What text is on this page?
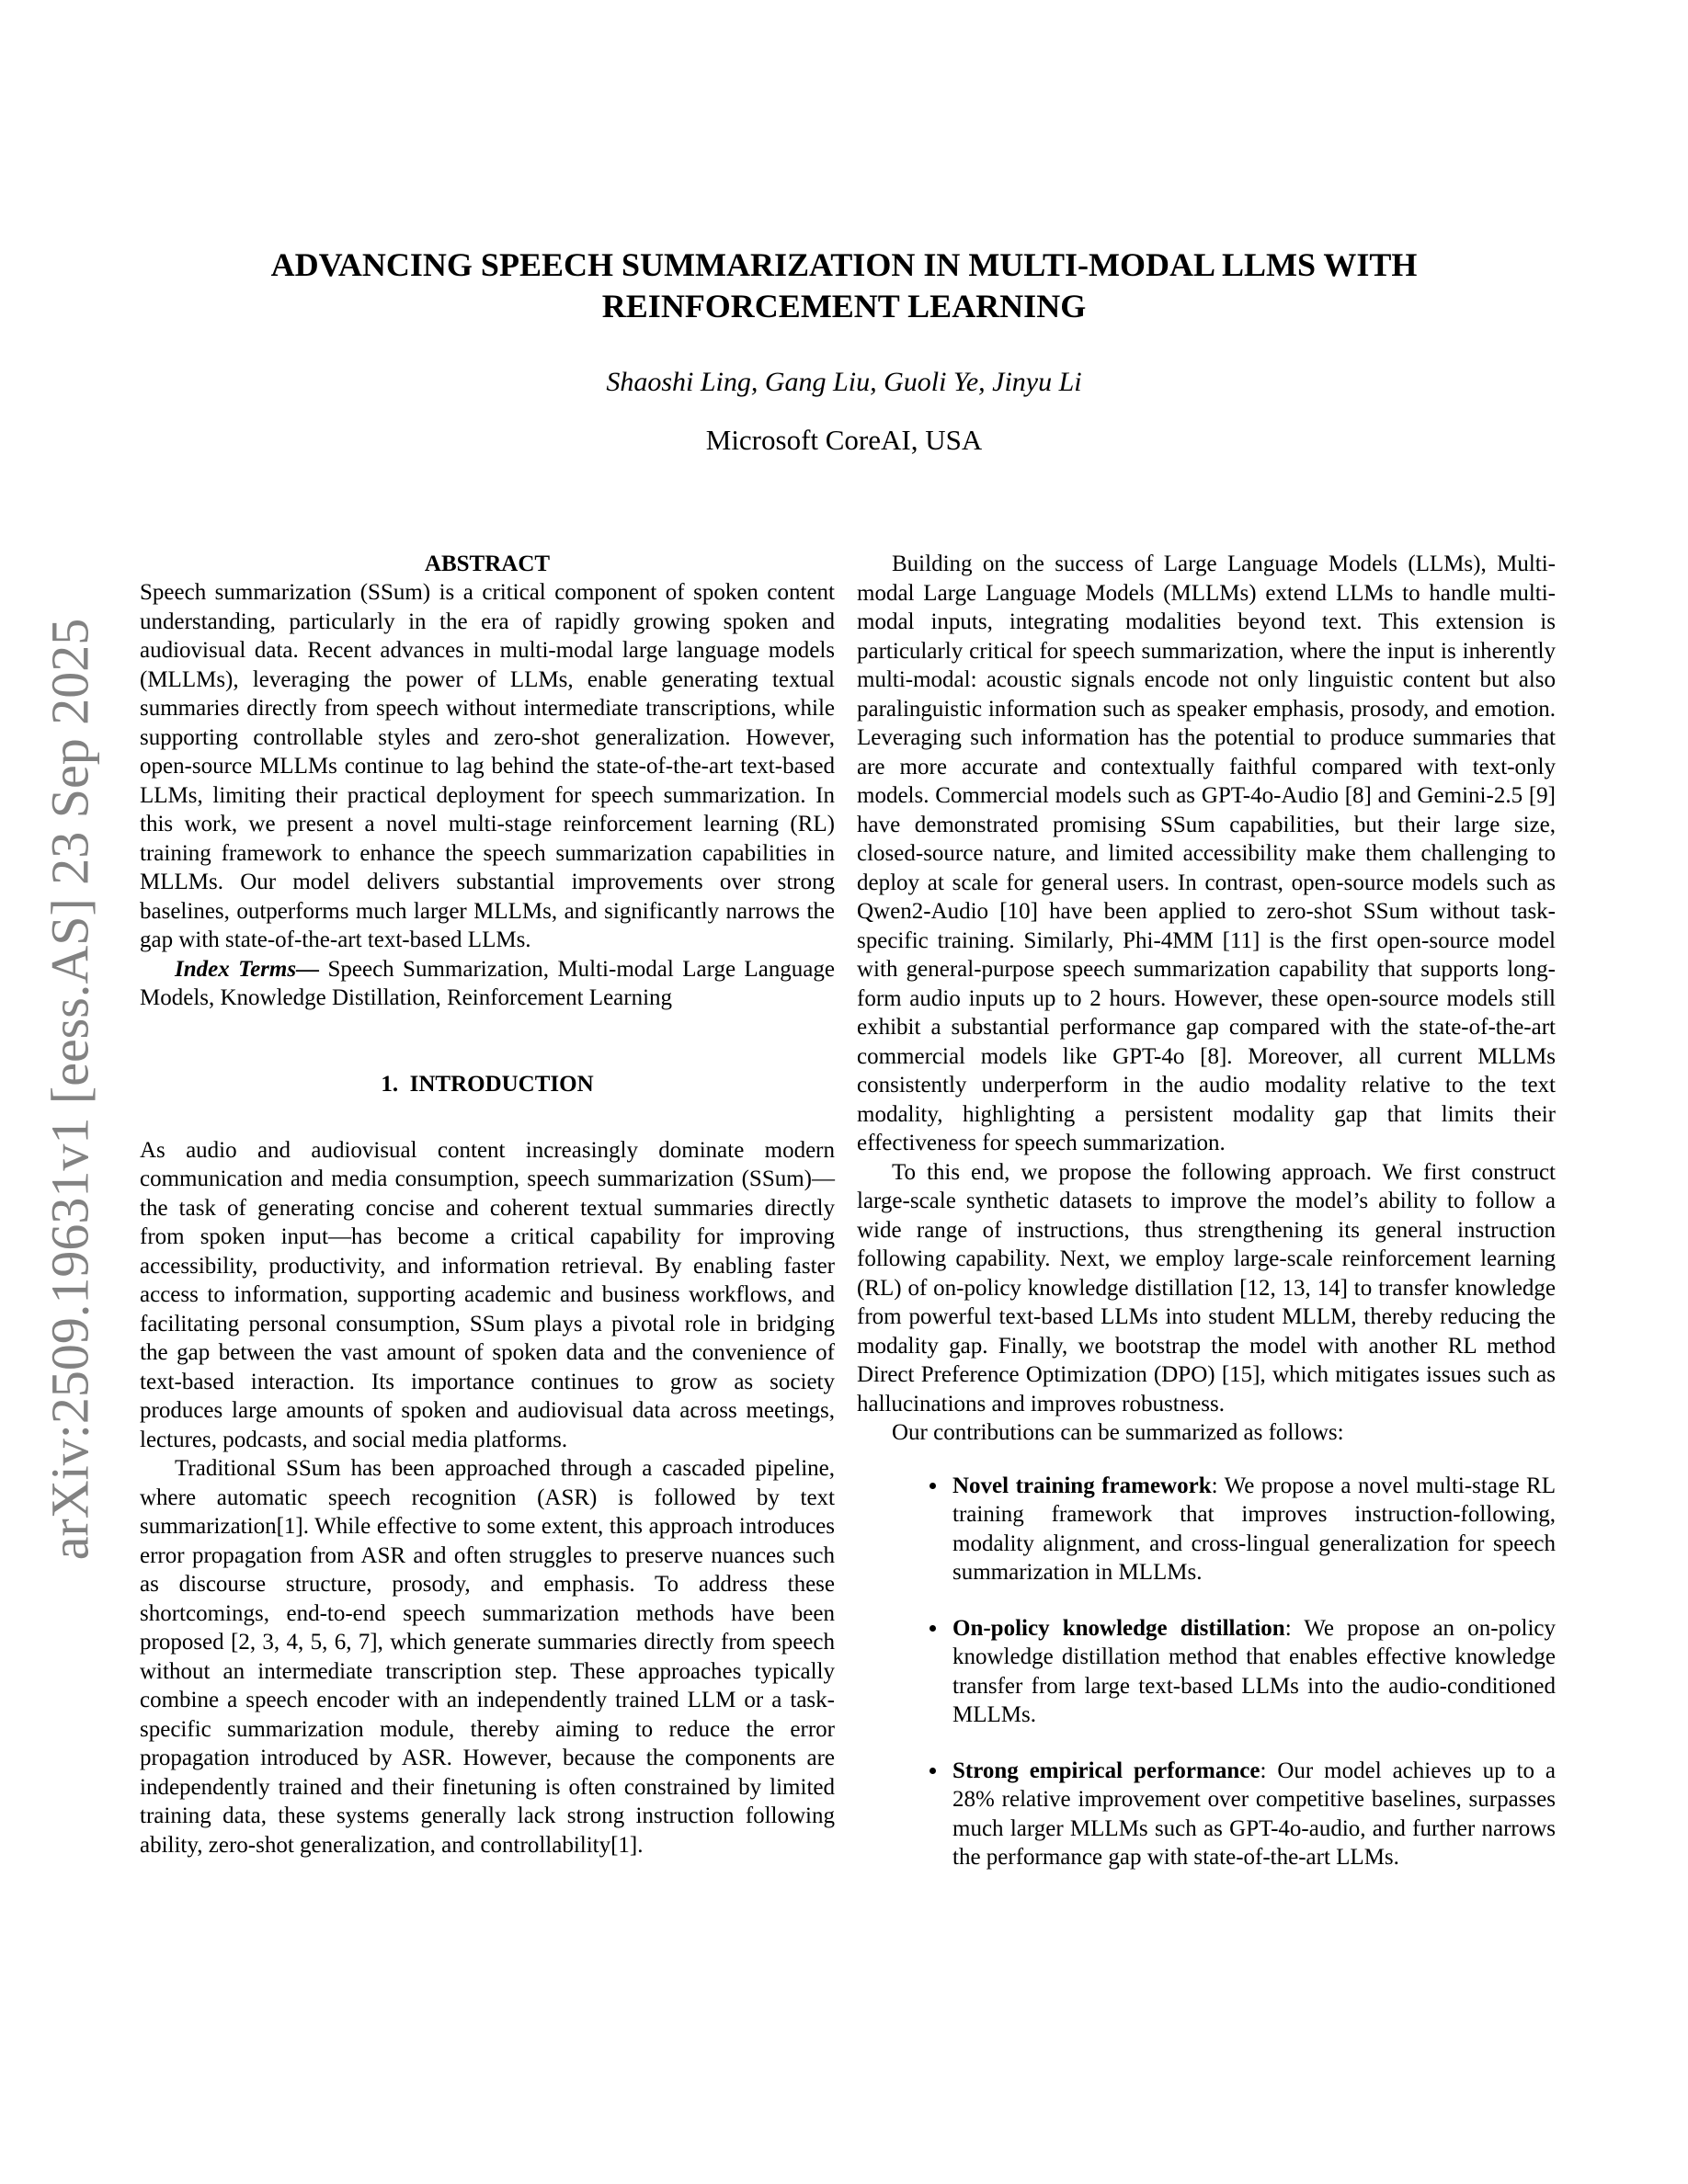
arXiv:2509.19631v1 [eess.AS] 23 Sep 2025
ADVANCING SPEECH SUMMARIZATION IN MULTI-MODAL LLMS WITH
REINFORCEMENT LEARNING
Shaoshi Ling, Gang Liu, Guoli Ye, Jinyu Li
Microsoft CoreAI, USA
ABSTRACT

Speech summarization (SSum) is a critical component of spoken content understanding, particularly in the era of rapidly growing spoken and audiovisual data. Recent advances in multi-modal large language models (MLLMs), leveraging the power of LLMs, enable generating textual summaries directly from speech without intermediate transcriptions, while supporting controllable styles and zero-shot generalization. However, open-source MLLMs continue to lag behind the state-of-the-art text-based LLMs, limiting their practical deployment for speech summarization. In this work, we present a novel multi-stage reinforcement learning (RL) training framework to enhance the speech summarization capabilities in MLLMs. Our model delivers substantial improvements over strong baselines, outperforms much larger MLLMs, and significantly narrows the gap with state-of-the-art text-based LLMs.

Index Terms— Speech Summarization, Multi-modal Large Language Models, Knowledge Distillation, Reinforcement Learning

1.  INTRODUCTION

As audio and audiovisual content increasingly dominate modern communication and media consumption, speech summarization (SSum)—the task of generating concise and coherent textual summaries directly from spoken input—has become a critical capability for improving accessibility, productivity, and information retrieval. By enabling faster access to information, supporting academic and business workflows, and facilitating personal consumption, SSum plays a pivotal role in bridging the gap between the vast amount of spoken data and the convenience of text-based interaction. Its importance continues to grow as society produces large amounts of spoken and audiovisual data across meetings, lectures, podcasts, and social media platforms.

Traditional SSum has been approached through a cascaded pipeline, where automatic speech recognition (ASR) is followed by text summarization[1]. While effective to some extent, this approach introduces error propagation from ASR and often struggles to preserve nuances such as discourse structure, prosody, and emphasis. To address these shortcomings, end-to-end speech summarization methods have been proposed [2, 3, 4, 5, 6, 7], which generate summaries directly from speech without an intermediate transcription step. These approaches typically combine a speech encoder with an independently trained LLM or a task-specific summarization module, thereby aiming to reduce the error propagation introduced by ASR. However, because the components are independently trained and their finetuning is often constrained by limited training data, these systems generally lack strong instruction following ability, zero-shot generalization, and controllability[1].

Building on the success of Large Language Models (LLMs), Multi-modal Large Language Models (MLLMs) extend LLMs to handle multi-modal inputs, integrating modalities beyond text. This extension is particularly critical for speech summarization, where the input is inherently multi-modal: acoustic signals encode not only linguistic content but also paralinguistic information such as speaker emphasis, prosody, and emotion. Leveraging such information has the potential to produce summaries that are more accurate and contextually faithful compared with text-only models. Commercial models such as GPT-4o-Audio [8] and Gemini-2.5 [9] have demonstrated promising SSum capabilities, but their large size, closed-source nature, and limited accessibility make them challenging to deploy at scale for general users. In contrast, open-source models such as Qwen2-Audio [10] have been applied to zero-shot SSum without task-specific training. Similarly, Phi-4MM [11] is the first open-source model with general-purpose speech summarization capability that supports long-form audio inputs up to 2 hours. However, these open-source models still exhibit a substantial performance gap compared with the state-of-the-art commercial models like GPT-4o [8]. Moreover, all current MLLMs consistently underperform in the audio modality relative to the text modality, highlighting a persistent modality gap that limits their effectiveness for speech summarization.

To this end, we propose the following approach. We first construct large-scale synthetic datasets to improve the model’s ability to follow a wide range of instructions, thus strengthening its general instruction following capability. Next, we employ large-scale reinforcement learning (RL) of on-policy knowledge distillation [12, 13, 14] to transfer knowledge from powerful text-based LLMs into student MLLM, thereby reducing the modality gap. Finally, we bootstrap the model with another RL method Direct Preference Optimization (DPO) [15], which mitigates issues such as hallucinations and improves robustness.

Our contributions can be summarized as follows:

• Novel training framework: We propose a novel multi-stage RL training framework that improves instruction-following, modality alignment, and cross-lingual generalization for speech summarization in MLLMs.
• On-policy knowledge distillation: We propose an on-policy knowledge distillation method that enables effective knowledge transfer from large text-based LLMs into the audio-conditioned MLLMs.
• Strong empirical performance: Our model achieves up to a 28% relative improvement over competitive baselines, surpasses much larger MLLMs such as GPT-4o-audio, and further narrows the performance gap with state-of-the-art LLMs.
